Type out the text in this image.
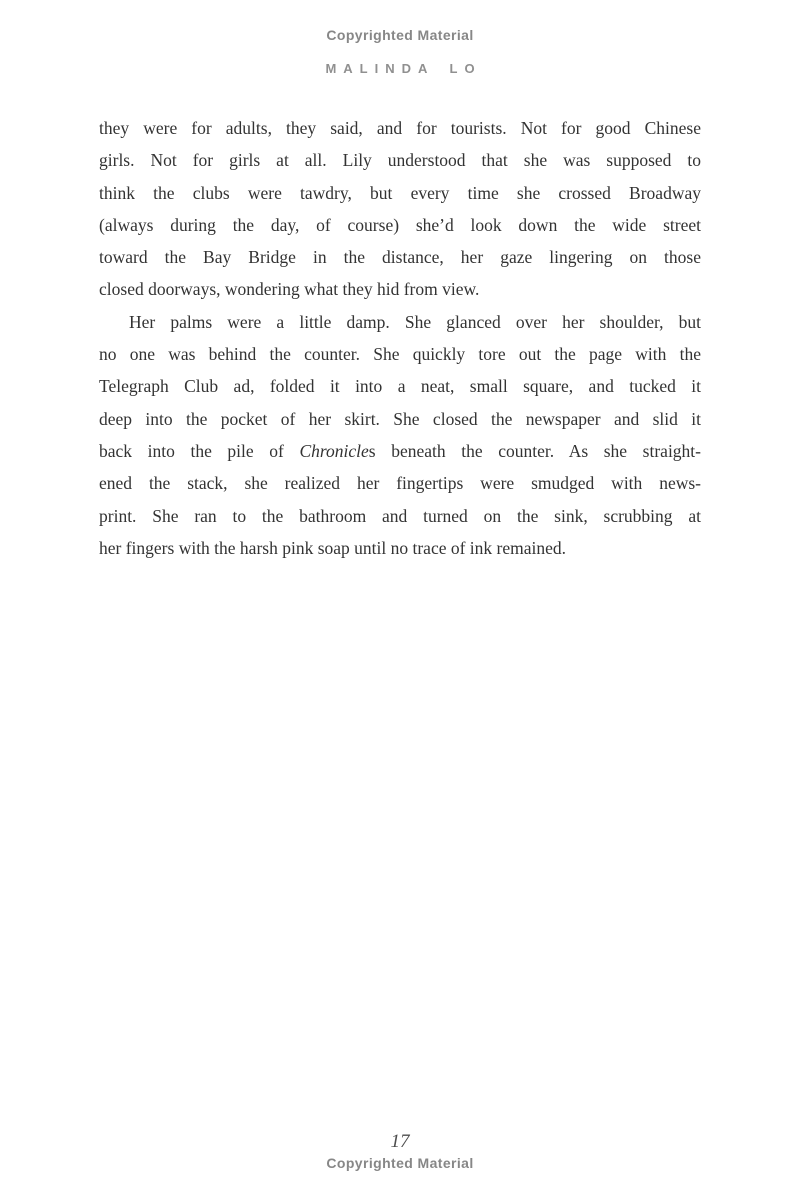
Copyrighted Material
MALINDA LO
they were for adults, they said, and for tourists. Not for good Chinese
girls. Not for girls at all. Lily understood that she was supposed to
think the clubs were tawdry, but every time she crossed Broadway
(always during the day, of course) she’d look down the wide street
toward the Bay Bridge in the distance, her gaze lingering on those
closed doorways, wondering what they hid from view.
Her palms were a little damp. She glanced over her shoulder, but
no one was behind the counter. She quickly tore out the page with the
Telegraph Club ad, folded it into a neat, small square, and tucked it
deep into the pocket of her skirt. She closed the newspaper and slid it
back into the pile of Chronicles beneath the counter. As she straight-
ened the stack, she realized her fingertips were smudged with news-
print. She ran to the bathroom and turned on the sink, scrubbing at
her fingers with the harsh pink soap until no trace of ink remained.
17
Copyrighted Material
